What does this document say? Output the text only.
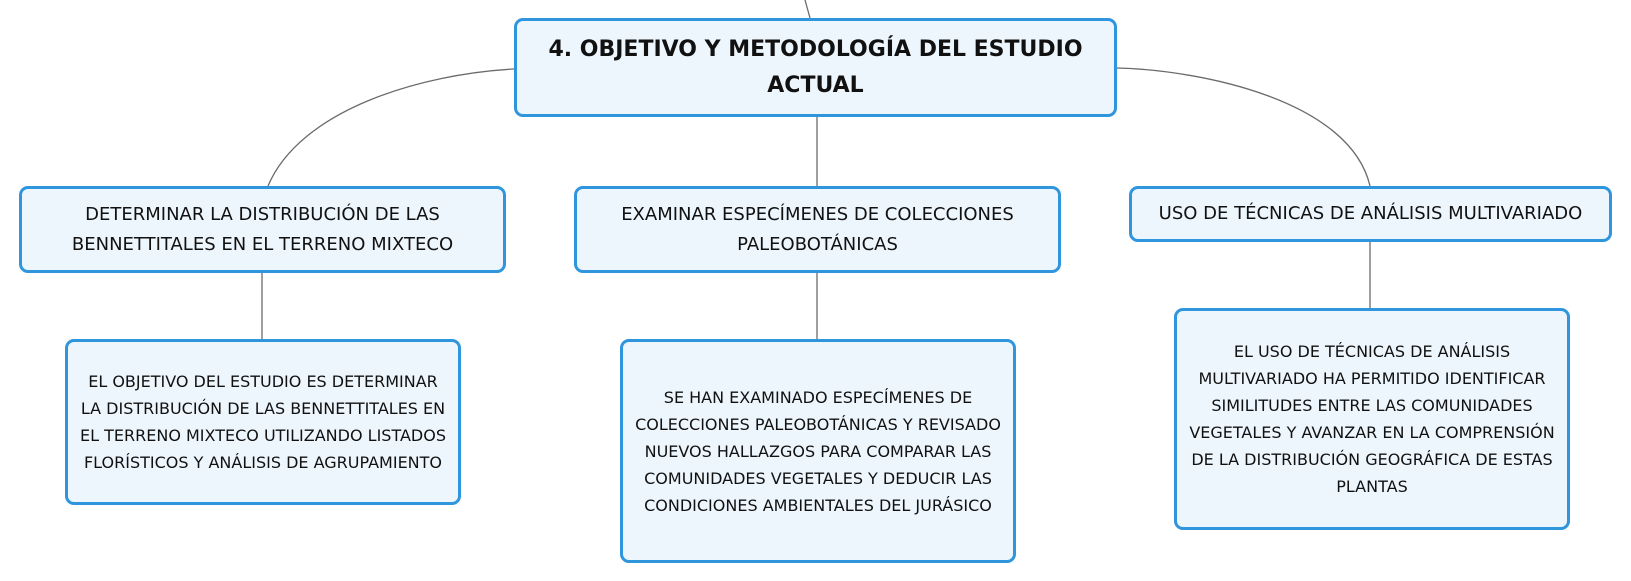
4. OBJETIVO Y METODOLOGÍA DEL ESTUDIO ACTUAL
DETERMINAR LA DISTRIBUCIÓN DE LAS BENNETTITALES EN EL TERRENO MIXTECO
EXAMINAR ESPECÍMENES DE COLECCIONES PALEOBOTÁNICAS
USO DE TÉCNICAS DE ANÁLISIS MULTIVARIADO
EL OBJETIVO DEL ESTUDIO ES DETERMINAR LA DISTRIBUCIÓN DE LAS BENNETTITALES EN EL TERRENO MIXTECO UTILIZANDO LISTADOS FLORÍSTICOS Y ANÁLISIS DE AGRUPAMIENTO
SE HAN EXAMINADO ESPECÍMENES DE COLECCIONES PALEOBOTÁNICAS Y REVISADO NUEVOS HALLAZGOS PARA COMPARAR LAS COMUNIDADES VEGETALES Y DEDUCIR LAS CONDICIONES AMBIENTALES DEL JURÁSICO
EL USO DE TÉCNICAS DE ANÁLISIS MULTIVARIADO HA PERMITIDO IDENTIFICAR SIMILITUDES ENTRE LAS COMUNIDADES VEGETALES Y AVANZAR EN LA COMPRENSIÓN DE LA DISTRIBUCIÓN GEOGRÁFICA DE ESTAS PLANTAS
